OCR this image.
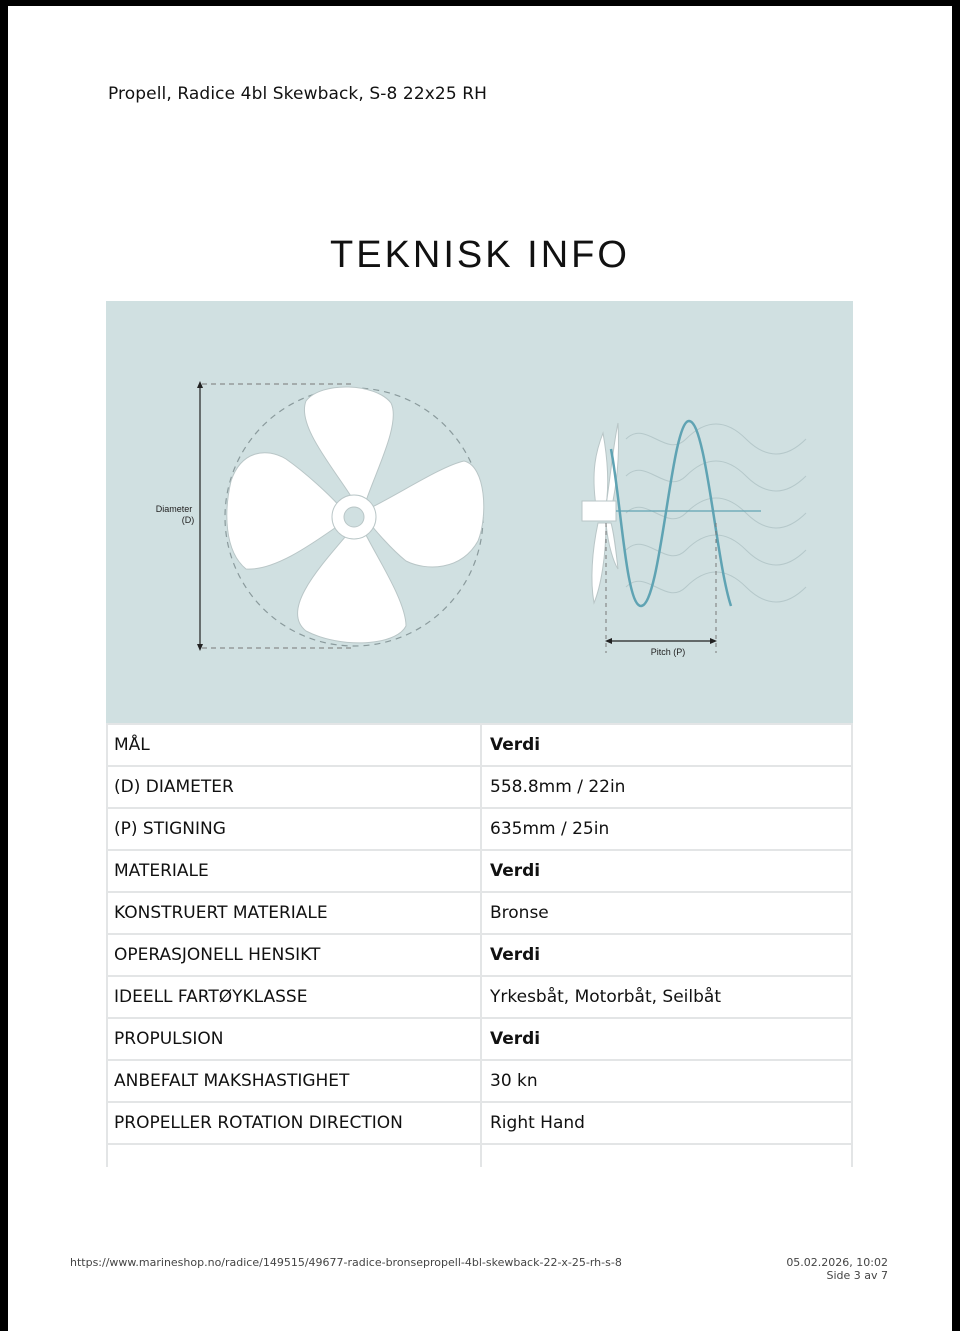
Propell, Radice 4bl Skewback, S-8 22x25 RH
TEKNISK INFO
Diameter
(D)
Pitch (P)
MÅL	Verdi
(D) DIAMETER	558.8mm / 22in
(P) STIGNING	635mm / 25in
MATERIALE	Verdi
KONSTRUERT MATERIALE	Bronse
OPERASJONELL HENSIKT	Verdi
IDEELL FARTØYKLASSE	Yrkesbåt, Motorbåt, Seilbåt
PROPULSION	Verdi
ANBEFALT MAKSHASTIGHET	30 kn
PROPELLER ROTATION DIRECTION	Right Hand

https://www.marineshop.no/radice/149515/49677-radice-bronsepropell-4bl-skewback-22-x-25-rh-s-8	05.02.2026, 10:02
Side 3 av 7
